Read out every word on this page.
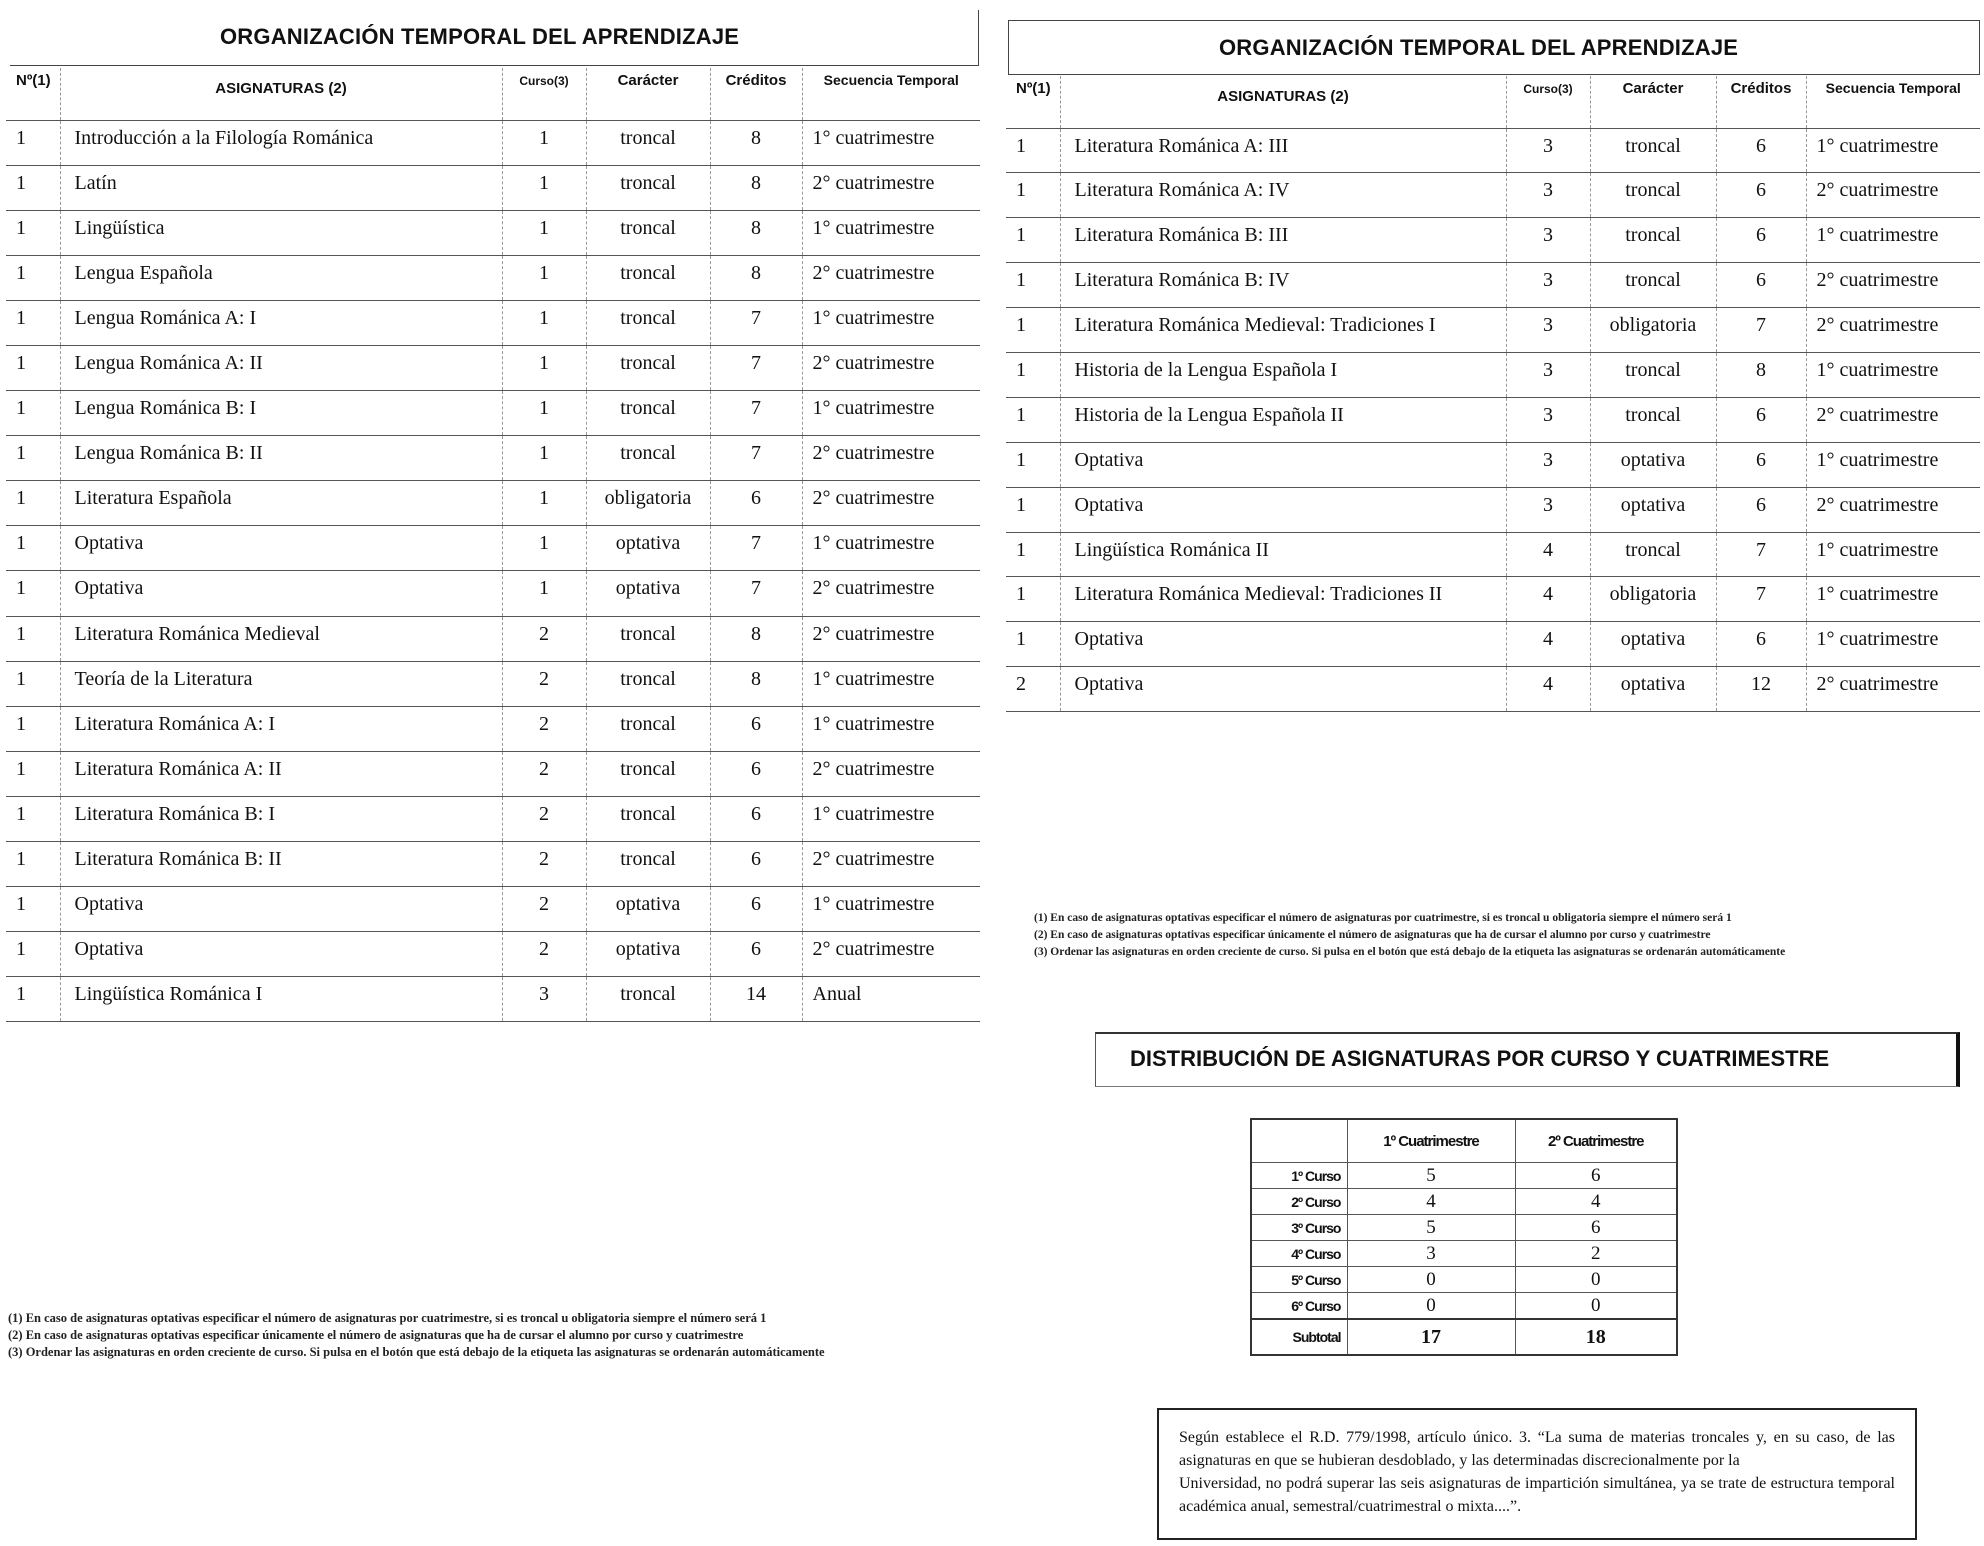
ORGANIZACIÓN TEMPORAL DEL APRENDIZAJE
Nº(1)	ASIGNATURAS (2)	Curso(3)	Carácter	Créditos	Secuencia Temporal
1	Introducción a la Filología Románica	1	troncal	8	1° cuatrimestre
1	Latín	1	troncal	8	2° cuatrimestre
1	Lingüística	1	troncal	8	1° cuatrimestre
1	Lengua Española	1	troncal	8	2° cuatrimestre
1	Lengua Románica A: I	1	troncal	7	1° cuatrimestre
1	Lengua Románica A: II	1	troncal	7	2° cuatrimestre
1	Lengua Románica B: I	1	troncal	7	1° cuatrimestre
1	Lengua Románica B: II	1	troncal	7	2° cuatrimestre
1	Literatura Española	1	obligatoria	6	2° cuatrimestre
1	Optativa	1	optativa	7	1° cuatrimestre
1	Optativa	1	optativa	7	2° cuatrimestre
1	Literatura Románica Medieval	2	troncal	8	2° cuatrimestre
1	Teoría de la Literatura	2	troncal	8	1° cuatrimestre
1	Literatura Románica A: I	2	troncal	6	1° cuatrimestre
1	Literatura Románica A: II	2	troncal	6	2° cuatrimestre
1	Literatura Románica B: I	2	troncal	6	1° cuatrimestre
1	Literatura Románica B: II	2	troncal	6	2° cuatrimestre
1	Optativa	2	optativa	6	1° cuatrimestre
1	Optativa	2	optativa	6	2° cuatrimestre
1	Lingüística Románica I	3	troncal	14	Anual
(1) En caso de asignaturas optativas especificar el número de asignaturas por cuatrimestre, si es troncal u obligatoria siempre el número será 1
(2) En caso de asignaturas optativas especificar únicamente el número de asignaturas que ha de cursar el alumno por curso y cuatrimestre
(3) Ordenar las asignaturas en orden creciente de curso. Si pulsa en el botón que está debajo de la etiqueta las asignaturas se ordenarán automáticamente
ORGANIZACIÓN TEMPORAL DEL APRENDIZAJE
Nº(1)	ASIGNATURAS (2)	Curso(3)	Carácter	Créditos	Secuencia Temporal
1	Literatura Románica A: III	3	troncal	6	1° cuatrimestre
1	Literatura Románica A: IV	3	troncal	6	2° cuatrimestre
1	Literatura Románica B: III	3	troncal	6	1° cuatrimestre
1	Literatura Románica B: IV	3	troncal	6	2° cuatrimestre
1	Literatura Románica Medieval: Tradiciones I	3	obligatoria	7	2° cuatrimestre
1	Historia de la Lengua Española I	3	troncal	8	1° cuatrimestre
1	Historia de la Lengua Española II	3	troncal	6	2° cuatrimestre
1	Optativa	3	optativa	6	1° cuatrimestre
1	Optativa	3	optativa	6	2° cuatrimestre
1	Lingüística Románica II	4	troncal	7	1° cuatrimestre
1	Literatura Románica Medieval: Tradiciones II	4	obligatoria	7	1° cuatrimestre
1	Optativa	4	optativa	6	1° cuatrimestre
2	Optativa	4	optativa	12	2° cuatrimestre
(1) En caso de asignaturas optativas especificar el número de asignaturas por cuatrimestre, si es troncal u obligatoria siempre el número será 1
(2) En caso de asignaturas optativas especificar únicamente el número de asignaturas que ha de cursar el alumno por curso y cuatrimestre
(3) Ordenar las asignaturas en orden creciente de curso. Si pulsa en el botón que está debajo de la etiqueta las asignaturas se ordenarán automáticamente
DISTRIBUCIÓN DE ASIGNATURAS POR CURSO Y CUATRIMESTRE
	1º Cuatrimestre	2º Cuatrimestre
1º Curso	5	6
2º Curso	4	4
3º Curso	5	6
4º Curso	3	2
5º Curso	0	0
6º Curso	0	0
Subtotal	17	18

Según establece el R.D. 779/1998, artículo único. 3. “La suma de materias troncales y, en su caso, de las asignaturas en que se hubieran desdoblado, y las determinadas discrecionalmente por la

Universidad, no podrá superar las seis asignaturas de impartición simultánea, ya se trate de estructura temporal académica anual, semestral/cuatrimestral o mixta....”.
